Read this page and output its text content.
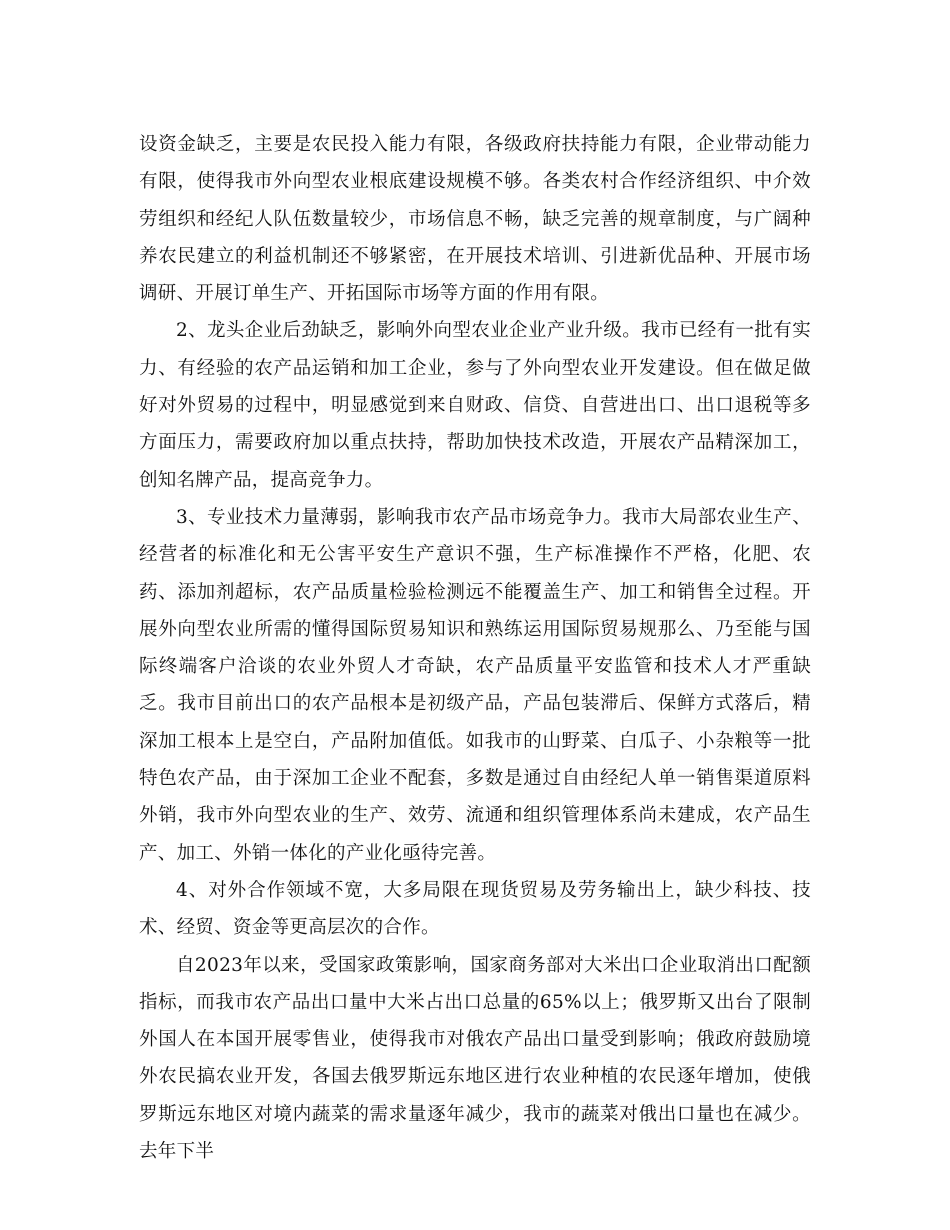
设资金缺乏，主要是农民投入能力有限，各级政府扶持能力有限，企业带动能力有限，使得我市外向型农业根底建设规模不够。各类农村合作经济组织、中介效劳组织和经纪人队伍数量较少，市场信息不畅，缺乏完善的规章制度，与广阔种养农民建立的利益机制还不够紧密，在开展技术培训、引进新优品种、开展市场调研、开展订单生产、开拓国际市场等方面的作用有限。

2、龙头企业后劲缺乏，影响外向型农业企业产业升级。我市已经有一批有实力、有经验的农产品运销和加工企业，参与了外向型农业开发建设。但在做足做好对外贸易的过程中，明显感觉到来自财政、信贷、自营进出口、出口退税等多方面压力，需要政府加以重点扶持，帮助加快技术改造，开展农产品精深加工，创知名牌产品，提高竞争力。

3、专业技术力量薄弱，影响我市农产品市场竞争力。我市大局部农业生产、经营者的标准化和无公害平安生产意识不强，生产标准操作不严格，化肥、农药、添加剂超标，农产品质量检验检测远不能覆盖生产、加工和销售全过程。开展外向型农业所需的懂得国际贸易知识和熟练运用国际贸易规那么、乃至能与国际终端客户洽谈的农业外贸人才奇缺，农产品质量平安监管和技术人才严重缺乏。我市目前出口的农产品根本是初级产品，产品包装滞后、保鲜方式落后，精深加工根本上是空白，产品附加值低。如我市的山野菜、白瓜子、小杂粮等一批特色农产品，由于深加工企业不配套，多数是通过自由经纪人单一销售渠道原料外销，我市外向型农业的生产、效劳、流通和组织管理体系尚未建成，农产品生产、加工、外销一体化的产业化亟待完善。

4、对外合作领域不宽，大多局限在现货贸易及劳务输出上，缺少科技、技术、经贸、资金等更高层次的合作。

自2023年以来，受国家政策影响，国家商务部对大米出口企业取消出口配额指标，而我市农产品出口量中大米占出口总量的65%以上；俄罗斯又出台了限制外国人在本国开展零售业，使得我市对俄农产品出口量受到影响；俄政府鼓励境外农民搞农业开发，各国去俄罗斯远东地区进行农业种植的农民逐年增加，使俄罗斯远东地区对境内蔬菜的需求量逐年减少，我市的蔬菜对俄出口量也在减少。去年下半
